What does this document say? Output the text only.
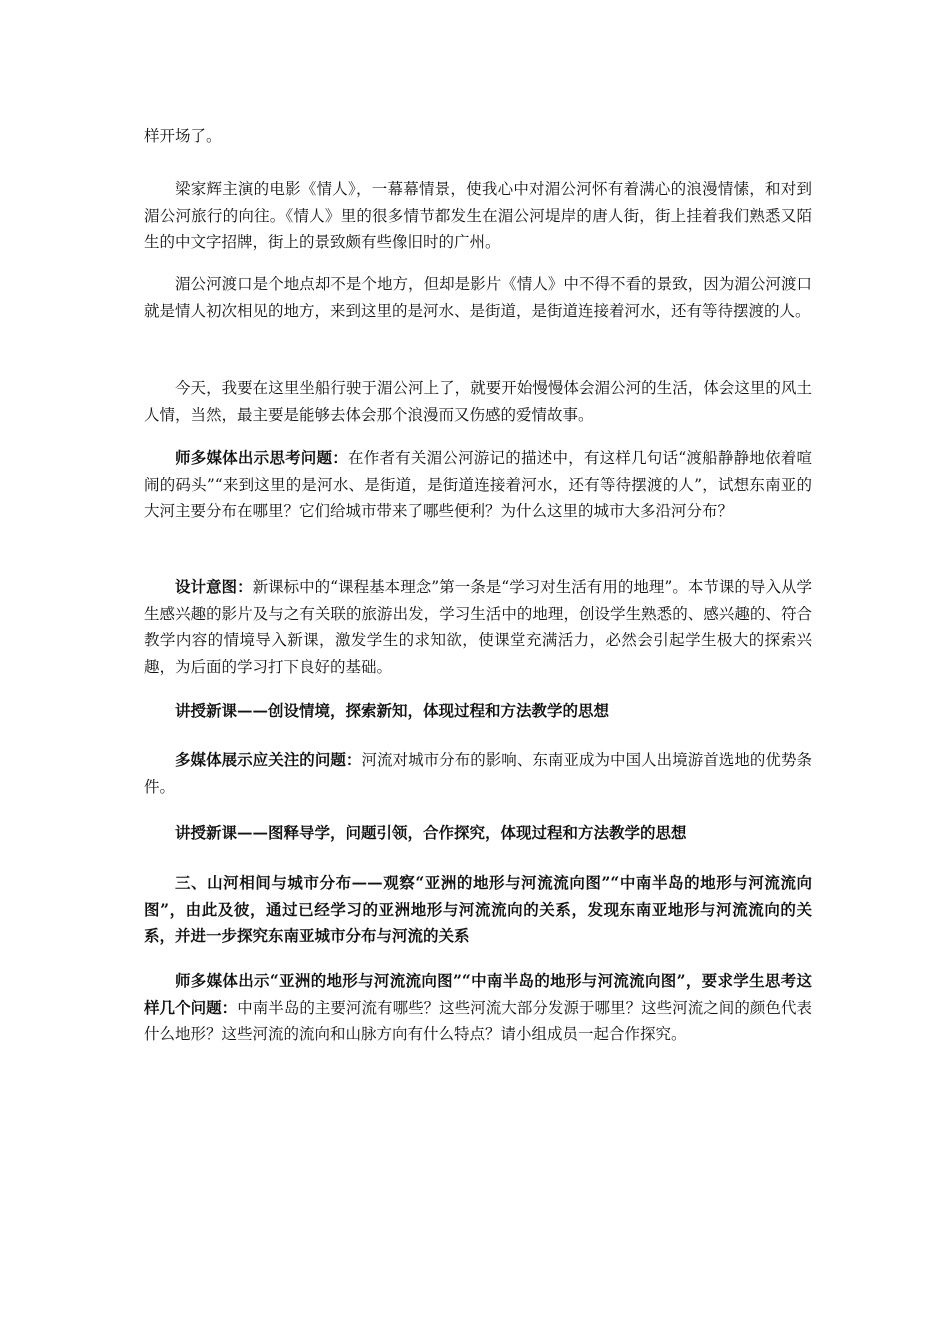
样开场了。

梁家辉主演的电影《情人》，一幕幕情景，使我心中对湄公河怀有着满心的浪漫情愫，和对到湄公河旅行的向往。《情人》里的很多情节都发生在湄公河堤岸的唐人街，街上挂着我们熟悉又陌生的中文字招牌，街上的景致颇有些像旧时的广州。

湄公河渡口是个地点却不是个地方，但却是影片《情人》中不得不看的景致，因为湄公河渡口就是情人初次相见的地方，来到这里的是河水、是街道，是街道连接着河水，还有等待摆渡的人。

今天，我要在这里坐船行驶于湄公河上了，就要开始慢慢体会湄公河的生活，体会这里的风土人情，当然，最主要是能够去体会那个浪漫而又伤感的爱情故事。

师多媒体出示思考问题：在作者有关湄公河游记的描述中，有这样几句话“渡船静静地依着喧闹的码头”“来到这里的是河水、是街道，是街道连接着河水，还有等待摆渡的人”，试想东南亚的大河主要分布在哪里？它们给城市带来了哪些便利？为什么这里的城市大多沿河分布？

设计意图：新课标中的“课程基本理念”第一条是“学习对生活有用的地理”。本节课的导入从学生感兴趣的影片及与之有关联的旅游出发，学习生活中的地理，创设学生熟悉的、感兴趣的、符合教学内容的情境导入新课，激发学生的求知欲，使课堂充满活力，必然会引起学生极大的探索兴趣，为后面的学习打下良好的基础。

讲授新课——创设情境，探索新知，体现过程和方法教学的思想

多媒体展示应关注的问题：河流对城市分布的影响、东南亚成为中国人出境游首选地的优势条件。

讲授新课——图释导学，问题引领，合作探究，体现过程和方法教学的思想

三、山河相间与城市分布——观察“亚洲的地形与河流流向图”“中南半岛的地形与河流流向图”，由此及彼，通过已经学习的亚洲地形与河流流向的关系，发现东南亚地形与河流流向的关系，并进一步探究东南亚城市分布与河流的关系

师多媒体出示“亚洲的地形与河流流向图”“中南半岛的地形与河流流向图”，要求学生思考这样几个问题：中南半岛的主要河流有哪些？这些河流大部分发源于哪里？这些河流之间的颜色代表什么地形？这些河流的流向和山脉方向有什么特点？请小组成员一起合作探究。
